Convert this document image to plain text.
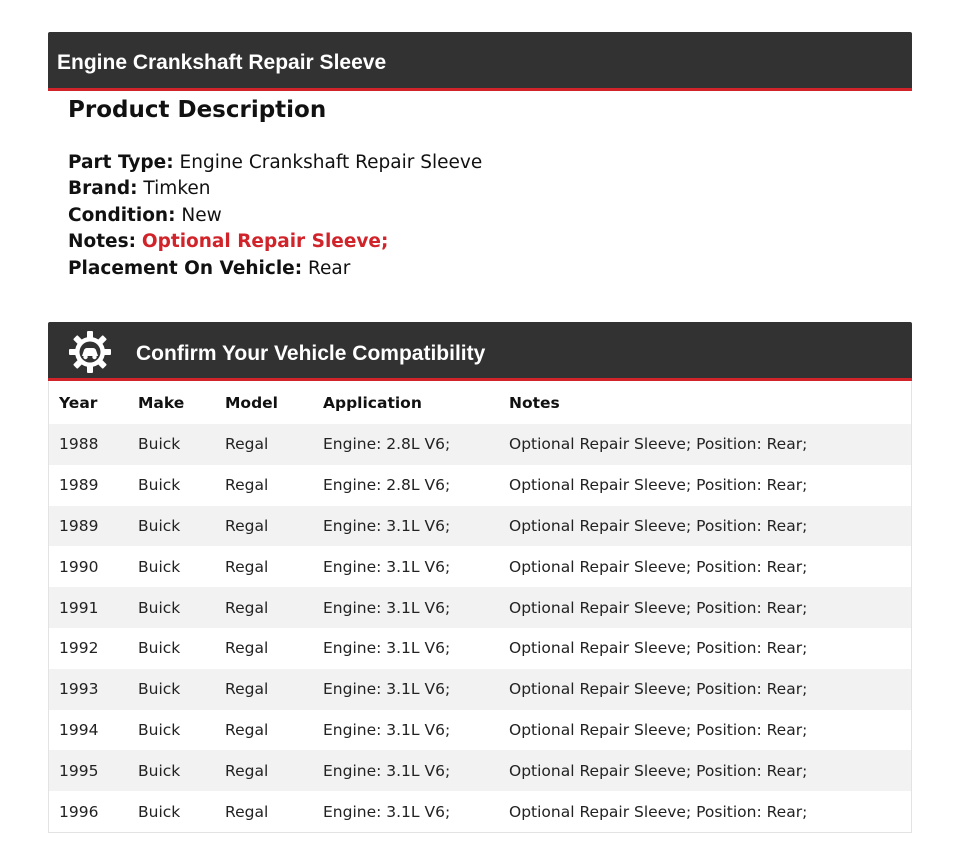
Engine Crankshaft Repair Sleeve
Product Description
Part Type: Engine Crankshaft Repair Sleeve
Brand: Timken
Condition: New
Notes: Optional Repair Sleeve;
Placement On Vehicle: Rear
Confirm Your Vehicle Compatibility
Year	Make	Model	Application	Notes
1988	Buick	Regal	Engine: 2.8L V6;	Optional Repair Sleeve; Position: Rear;
1989	Buick	Regal	Engine: 2.8L V6;	Optional Repair Sleeve; Position: Rear;
1989	Buick	Regal	Engine: 3.1L V6;	Optional Repair Sleeve; Position: Rear;
1990	Buick	Regal	Engine: 3.1L V6;	Optional Repair Sleeve; Position: Rear;
1991	Buick	Regal	Engine: 3.1L V6;	Optional Repair Sleeve; Position: Rear;
1992	Buick	Regal	Engine: 3.1L V6;	Optional Repair Sleeve; Position: Rear;
1993	Buick	Regal	Engine: 3.1L V6;	Optional Repair Sleeve; Position: Rear;
1994	Buick	Regal	Engine: 3.1L V6;	Optional Repair Sleeve; Position: Rear;
1995	Buick	Regal	Engine: 3.1L V6;	Optional Repair Sleeve; Position: Rear;
1996	Buick	Regal	Engine: 3.1L V6;	Optional Repair Sleeve; Position: Rear;
